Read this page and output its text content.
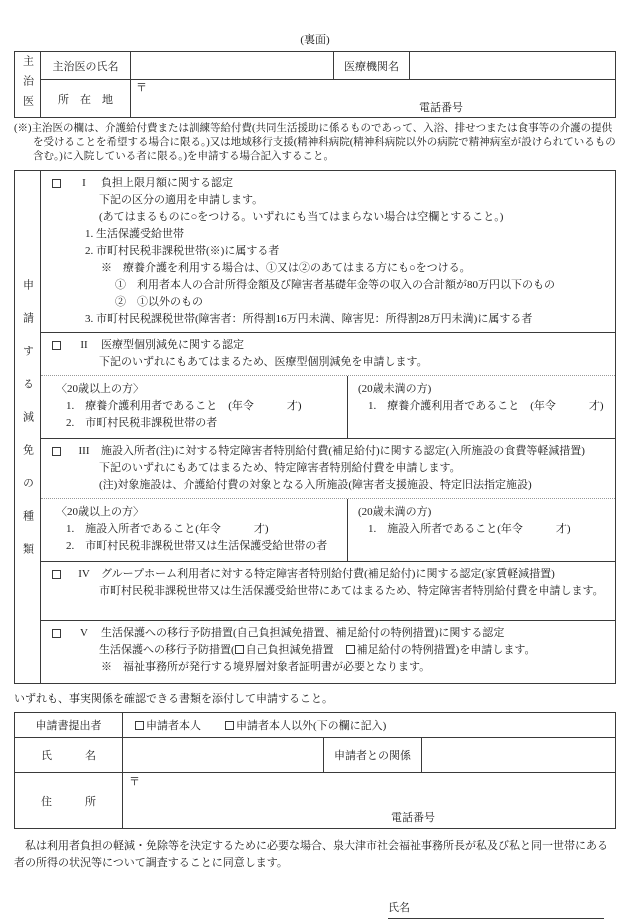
(裏面)
主治医	主治医の氏名	医療機関名
所　在　地
〒
電話番号

(※)主治医の欄は、介護給付費または訓練等給付費(共同生活援助に係るものであって、入浴、排せつまたは食事等の介護の提供を受けることを希望する場合に限る。)又は地域移行支援(精神科病院(精神科病院以外の病院で精神病室が設けられているもの含む。)に入院している者に限る。)を申請する場合記入すること。

申請する減免の種類
I	負担上限月額に関する認定
下記の区分の適用を申請します。
(あてはまるものに○をつける。いずれにも当てはまらない場合は空欄とすること。)
1. 生活保護受給世帯
2. 市町村民税非課税世帯(※)に属する者
※　療養介護を利用する場合は、①又は②のあてはまる方にも○をつける。
①　利用者本人の合計所得金額及び障害者基礎年金等の収入の合計額が80万円以下のもの
②　①以外のもの
3. 市町村民税課税世帯(障害者：所得割16万円未満、障害児：所得割28万円未満)に属する者
II	医療型個別減免に関する認定
下記のいずれにもあてはまるため、医療型個別減免を申請します。
〈20歳以上の方〉
1.　療養介護利用者であること　(年令　　　才)
2.　市町村民税非課税世帯の者
(20歳未満の方)
1.　療養介護利用者であること　(年令　　　才)
III	施設入所者(注)に対する特定障害者特別給付費(補足給付)に関する認定(入所施設の食費等軽減措置)
下記のいずれにもあてはまるため、特定障害者特別給付費を申請します。
(注)対象施設は、介護給付費の対象となる入所施設(障害者支援施設、特定旧法指定施設)
〈20歳以上の方〉
1.　施設入所者であること(年令　　　才)
2.　市町村民税非課税世帯又は生活保護受給世帯の者
(20歳未満の方)
1.　施設入所者であること(年令　　　才)
IV	グループホーム利用者に対する特定障害者特別給付費(補足給付)に関する認定(家賃軽減措置)
市町村民税非課税世帯又は生活保護受給世帯にあてはまるため、特定障害者特別給付費を申請します。
V	生活保護への移行予防措置(自己負担減免措置、補足給付の特例措置)に関する認定
生活保護への移行予防措置( 自己負担減免措置 補足給付の特例措置)を申請します。
※　福祉事務所が発行する境界層対象者証明書が必要となります。
いずれも、事実関係を確認できる書類を添付して申請すること。
申請書提出者	申請者本人	申請者本人以外(下の欄に記入)
氏　　　名	申請者との関係
住　　　所
〒
電話番号

　私は利用者負担の軽減・免除等を決定するために必要な場合、泉大津市社会福祉事務所長が私及び私と同一世帯にある者の所得の状況等について調査することに同意します。

氏名
